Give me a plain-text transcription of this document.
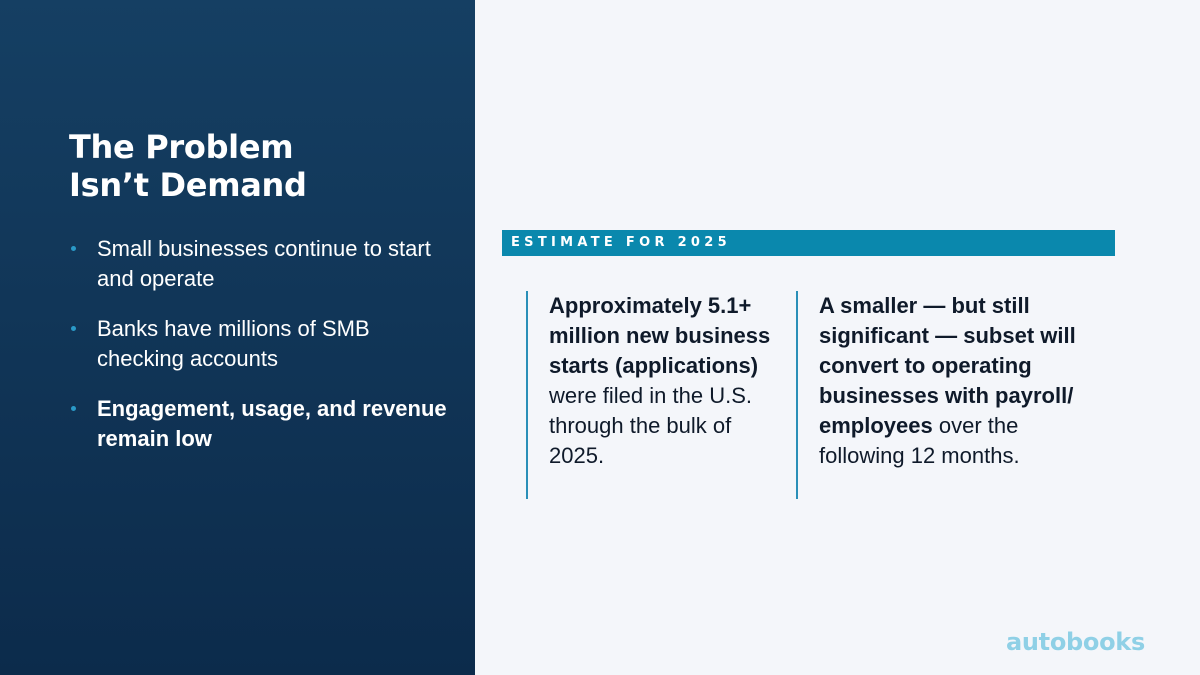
The Problem
Isn’t Demand
Small businesses continue to start and operate
Banks have millions of SMB checking accounts
Engagement, usage, and revenue remain low
ESTIMATE FOR 2025
Approximately 5.1+ million new business starts (applications) were filed in the U.S. through the bulk of 2025.
A smaller — but still significant — subset will convert to operating businesses with payroll/ employees over the following 12 months.
autobooks
